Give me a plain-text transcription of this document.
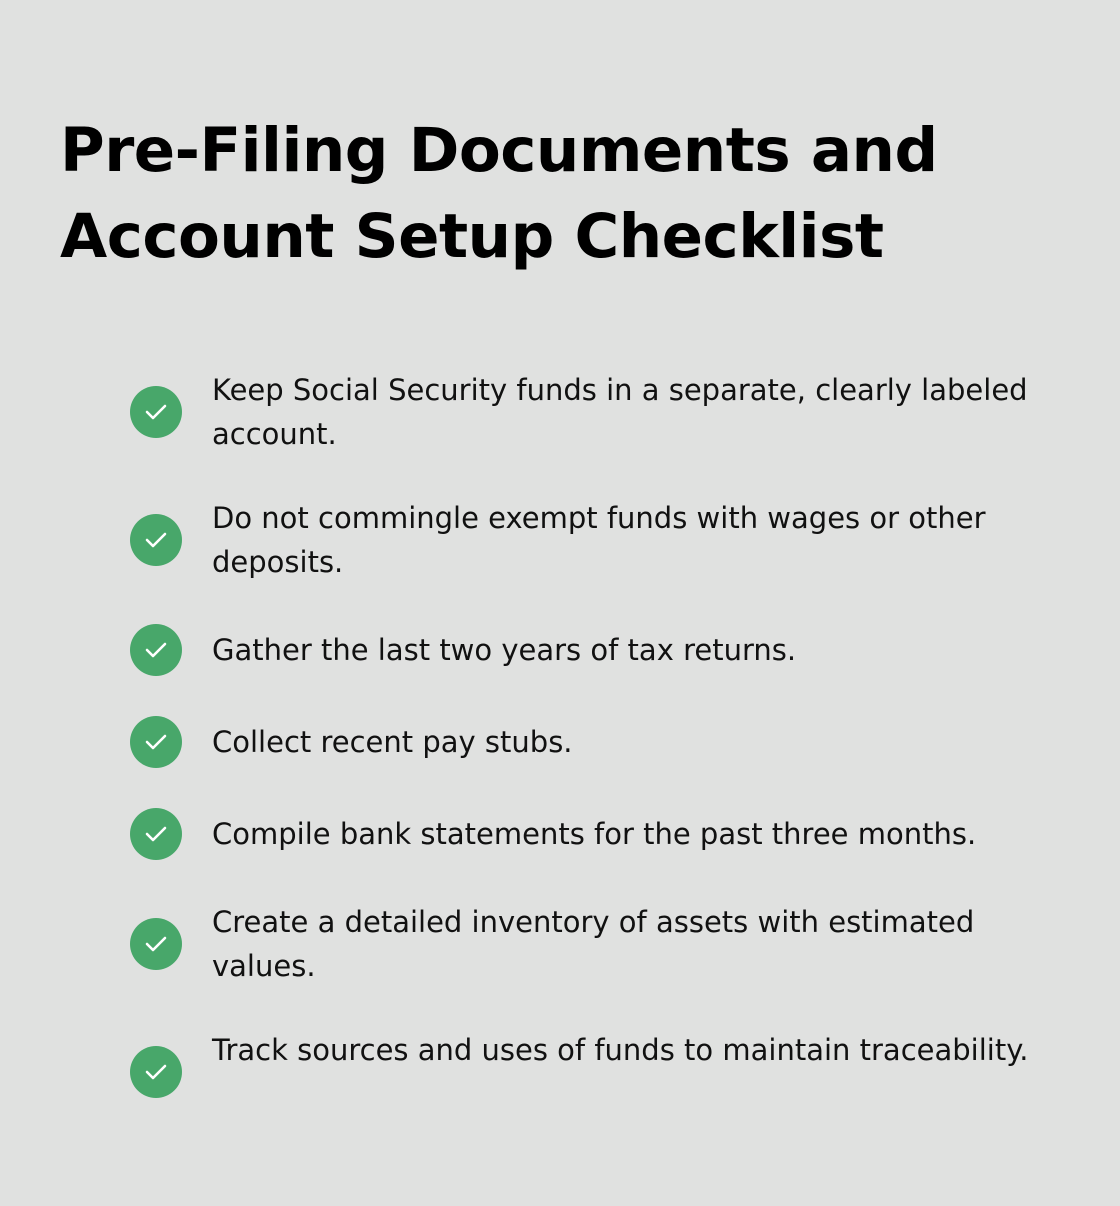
Pre-Filing Documents and Account Setup Checklist
Keep Social Security funds in a separate, clearly labeled account.
Do not commingle exempt funds with wages or other deposits.
Gather the last two years of tax returns.
Collect recent pay stubs.
Compile bank statements for the past three months.
Create a detailed inventory of assets with estimated values.
Track sources and uses of funds to maintain traceability.
